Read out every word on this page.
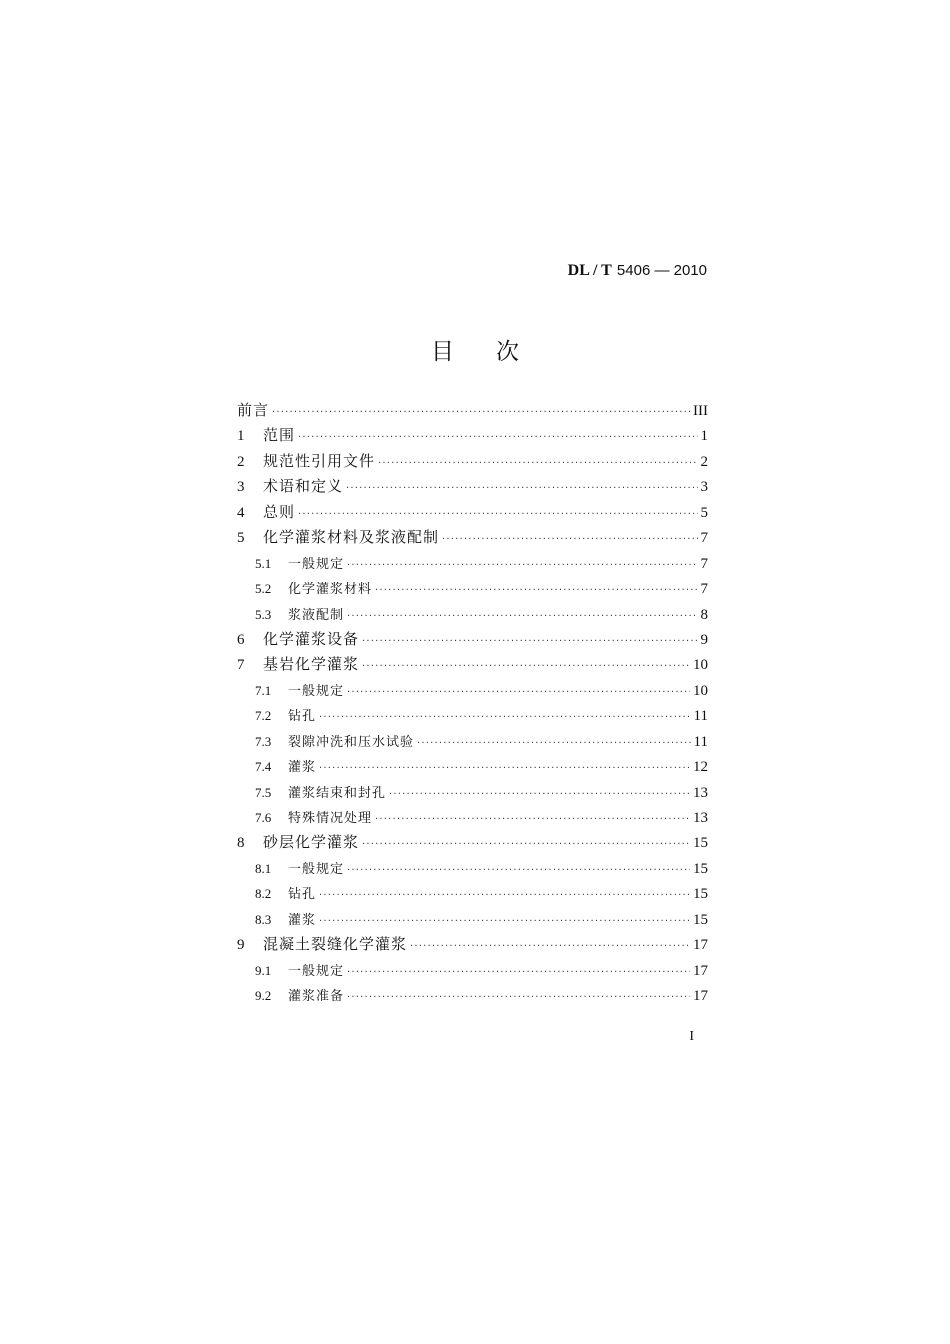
DL / T 5406 — 2010
目次
前言 ·····	III
1	范围 ·····	1
2	规范性引用文件 ·····	2
3	术语和定义 ·····	3
4	总则 ·····	5
5	化学灌浆材料及浆液配制 ·····	7
5.1	一般规定 ·····	7
5.2	化学灌浆材料 ·····	7
5.3	浆液配制 ·····	8
6	化学灌浆设备 ·····	9
7	基岩化学灌浆 ·····	10
7.1	一般规定 ·····	10
7.2	钻孔 ·····	11
7.3	裂隙冲洗和压水试验 ·····	11
7.4	灌浆 ·····	12
7.5	灌浆结束和封孔 ·····	13
7.6	特殊情况处理 ·····	13
8	砂层化学灌浆 ·····	15
8.1	一般规定 ·····	15
8.2	钻孔 ·····	15
8.3	灌浆 ·····	15
9	混凝土裂缝化学灌浆 ·····	17
9.1	一般规定 ·····	17
9.2	灌浆准备 ·····	17
I
